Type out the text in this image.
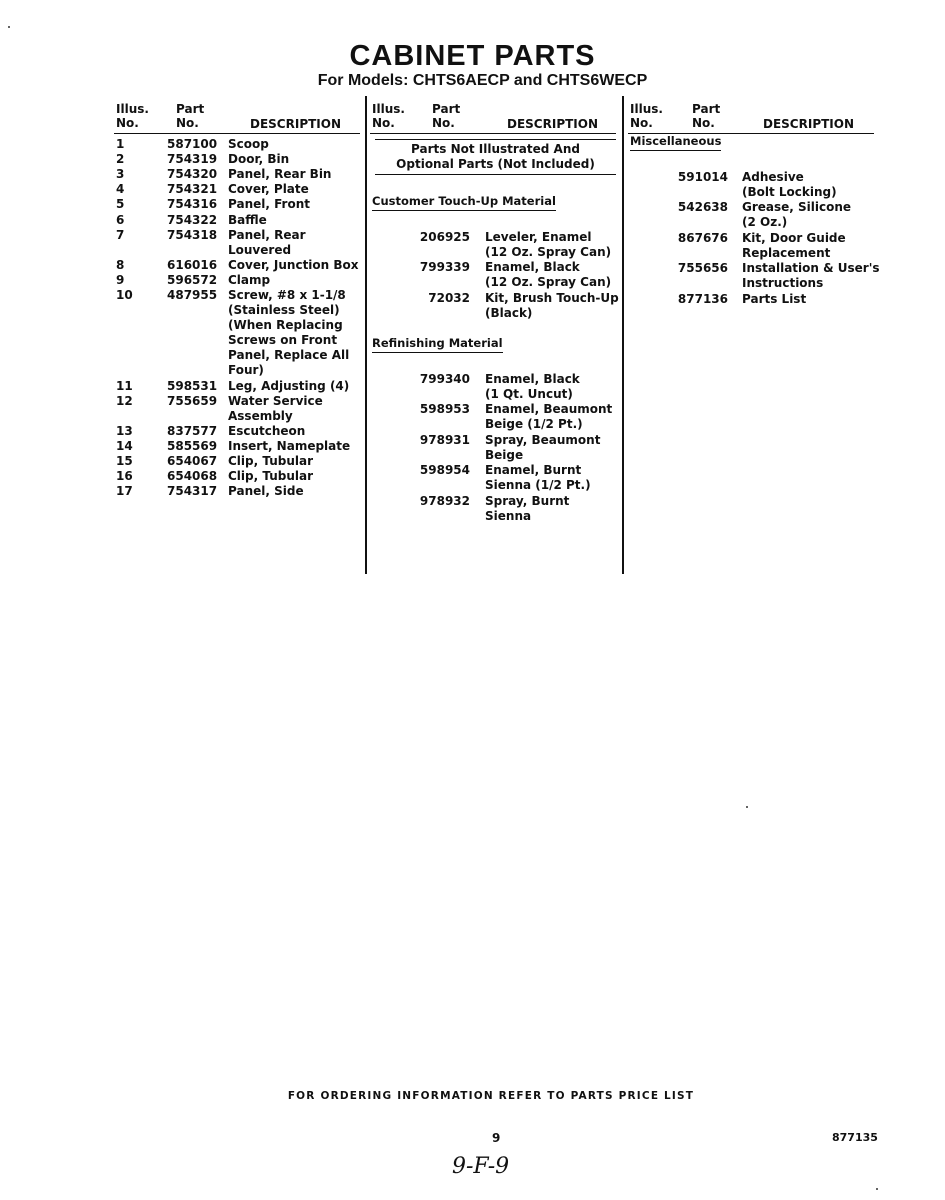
CABINET PARTS
For Models: CHTS6AECP and CHTS6WECP
Illus.
No.
Part
No.	DESCRIPTION
Illus.
No.
Part
No.	DESCRIPTION
Illus.
No.
Part
No.	DESCRIPTION
1	587100 Scoop
2	754319 Door, Bin
3	754320 Panel, Rear Bin
4	754321 Cover, Plate
5	754316 Panel, Front
6	754322 Baffle
7	754318 Panel, Rear
Louvered
8	616016 Cover, Junction Box
9	596572 Clamp
10	487955 Screw, #8 x 1-1/8
(Stainless Steel)
(When Replacing
Screws on Front
Panel, Replace All
Four)
11	598531 Leg, Adjusting (4)
12	755659 Water Service
Assembly
13	837577 Escutcheon
14	585569 Insert, Nameplate
15	654067 Clip, Tubular
16	654068 Clip, Tubular
17	754317 Panel, Side
Parts Not Illustrated And
Optional Parts (Not Included)
Customer Touch-Up Material
206925 Leveler, Enamel
(12 Oz. Spray Can)
799339 Enamel, Black
(12 Oz. Spray Can)
72032 Kit, Brush Touch-Up
(Black)
Refinishing Material
799340 Enamel, Black
(1 Qt. Uncut)
598953 Enamel, Beaumont
Beige (1/2 Pt.)
978931 Spray, Beaumont
Beige
598954 Enamel, Burnt
Sienna (1/2 Pt.)
978932 Spray, Burnt
Sienna
Miscellaneous
591014 Adhesive
(Bolt Locking)
542638 Grease, Silicone
(2 Oz.)
867676 Kit, Door Guide
Replacement
755656 Installation & User's
Instructions
877136 Parts List
FOR ORDERING INFORMATION REFER TO PARTS PRICE LIST
9	877135
9-F-9
